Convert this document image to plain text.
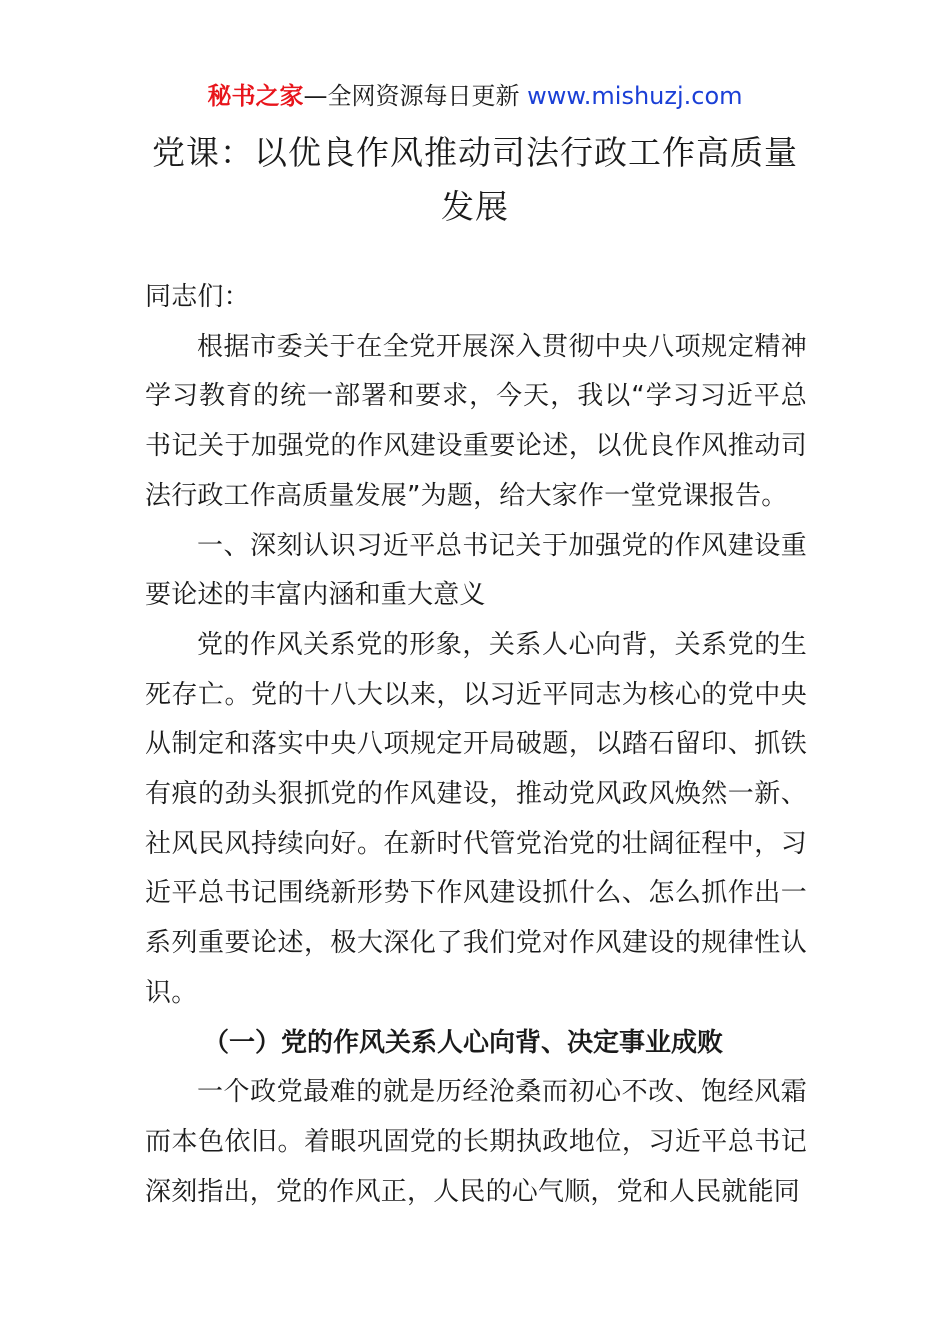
秘书之家—全网资源每日更新 www.mishuzj.com
党课：以优良作风推动司法行政工作高质量发展

同志们：

根据市委关于在全党开展深入贯彻中央八项规定精神学习教育的统一部署和要求，今天，我以“学习习近平总书记关于加强党的作风建设重要论述，以优良作风推动司法行政工作高质量发展”为题，给大家作一堂党课报告。

一、深刻认识习近平总书记关于加强党的作风建设重要论述的丰富内涵和重大意义

党的作风关系党的形象，关系人心向背，关系党的生死存亡。党的十八大以来，以习近平同志为核心的党中央从制定和落实中央八项规定开局破题，以踏石留印、抓铁有痕的劲头狠抓党的作风建设，推动党风政风焕然一新、社风民风持续向好。在新时代管党治党的壮阔征程中，习近平总书记围绕新形势下作风建设抓什么、怎么抓作出一系列重要论述，极大深化了我们党对作风建设的规律性认识。

（一）党的作风关系人心向背、决定事业成败

一个政党最难的就是历经沧桑而初心不改、饱经风霜而本色依旧。着眼巩固党的长期执政地位，习近平总书记深刻指出，党的作风正，人民的心气顺，党和人民就能同
